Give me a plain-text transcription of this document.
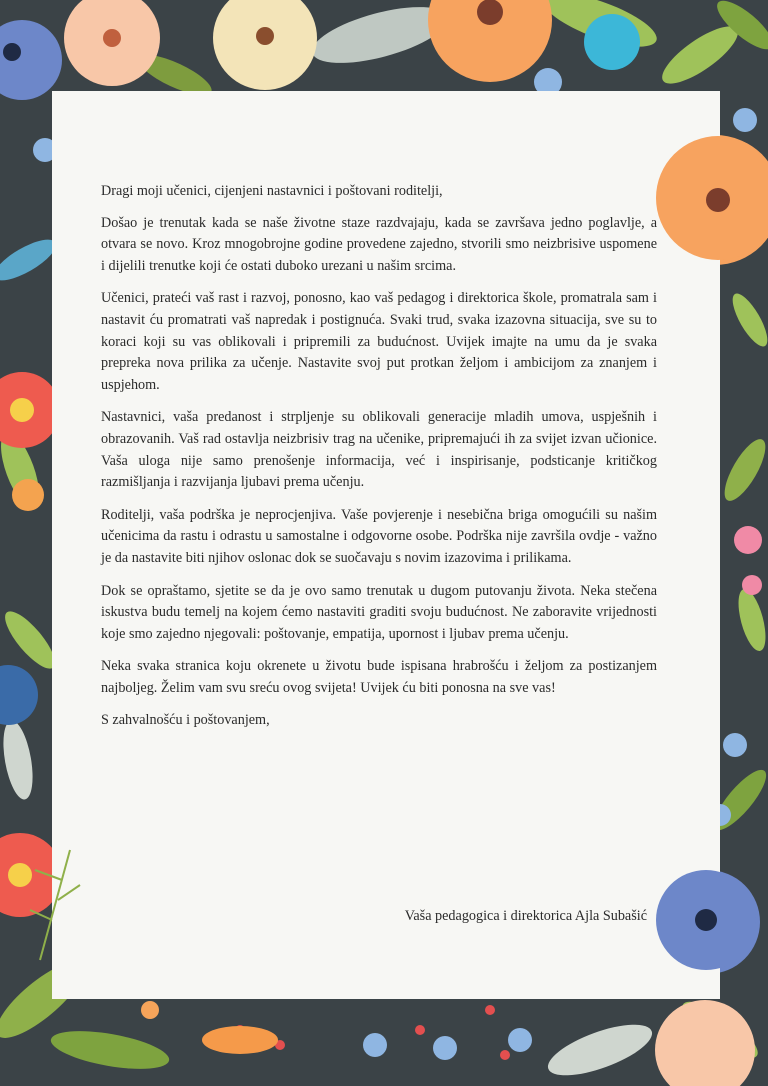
Dragi moji učenici, cijenjeni nastavnici i poštovani roditelji,

Došao je trenutak kada se naše životne staze razdvajaju, kada se završava jedno poglavlje, a otvara se novo. Kroz mnogobrojne godine provedene zajedno, stvorili smo neizbrisive uspomene i dijelili trenutke koji će ostati duboko urezani u našim srcima.

Učenici, prateći vaš rast i razvoj, ponosno, kao vaš pedagog i direktorica škole, promatrala sam i nastavit ću promatrati vaš napredak i postignuća. Svaki trud, svaka izazovna situacija, sve su to koraci koji su vas oblikovali i pripremili za budućnost. Uvijek imajte na umu da je svaka prepreka nova prilika za učenje. Nastavite svoj put protkan željom i ambicijom za znanjem i uspjehom.

Nastavnici, vaša predanost i strpljenje su oblikovali generacije mladih umova, uspješnih i obrazovanih. Vaš rad ostavlja neizbrisiv trag na učenike, pripremajući ih za svijet izvan učionice. Vaša uloga nije samo prenošenje informacija, već i inspirisanje, podsticanje kritičkog razmišljanja i razvijanja ljubavi prema učenju.

Roditelji, vaša podrška je neprocjenjiva. Vaše povjerenje i nesebična briga omogućili su našim učenicima da rastu i odrastu u samostalne i odgovorne osobe. Podrška nije završila ovdje - važno je da nastavite biti njihov oslonac dok se suočavaju s novim izazovima i prilikama.

Dok se opraštamo, sjetite se da je ovo samo trenutak u dugom putovanju života. Neka stečena iskustva budu temelj na kojem ćemo nastaviti graditi svoju budućnost. Ne zaboravite vrijednosti koje smo zajedno njegovali: poštovanje, empatija, upornost i ljubav prema učenju.

Neka svaka stranica koju okrenete u životu bude ispisana hrabrošću i željom za postizanjem najboljeg. Želim vam svu sreću ovog svijeta! Uvijek ću biti ponosna na sve vas!

S zahvalnošću i poštovanjem,

Vaša pedagogica i direktorica Ajla Subašić
